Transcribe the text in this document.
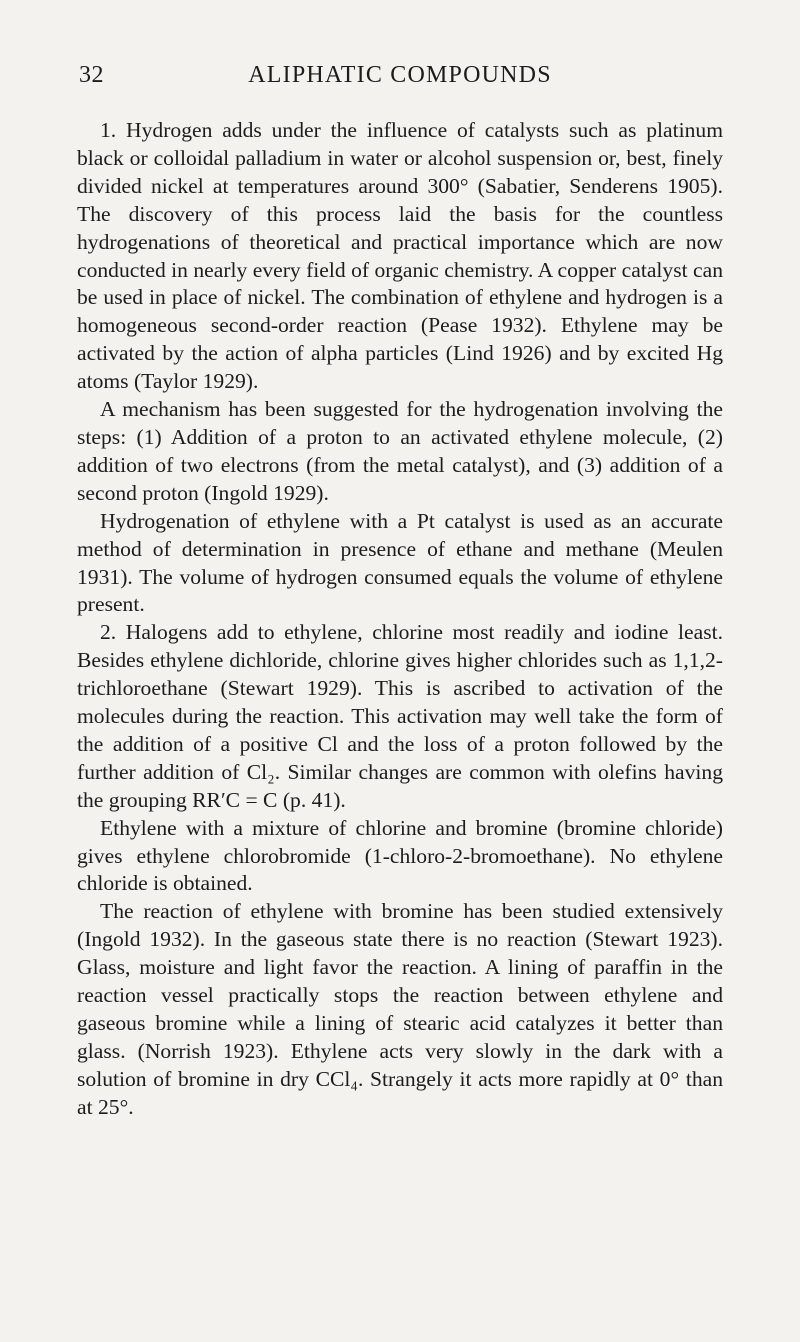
32	ALIPHATIC COMPOUNDS

1. Hydrogen adds under the influence of catalysts such as platinum black or colloidal palladium in water or alcohol suspension or, best, finely divided nickel at temperatures around 300° (Sabatier, Senderens 1905). The discovery of this process laid the basis for the countless hydrogenations of theoretical and practical importance which are now conducted in nearly every field of organic chemistry. A copper catalyst can be used in place of nickel. The combination of ethylene and hydrogen is a homogeneous second-order reaction (Pease 1932). Ethylene may be activated by the action of alpha particles (Lind 1926) and by excited Hg atoms (Taylor 1929).

A mechanism has been suggested for the hydrogenation involving the steps: (1) Addition of a proton to an activated ethylene molecule, (2) addition of two electrons (from the metal catalyst), and (3) addition of a second proton (Ingold 1929).

Hydrogenation of ethylene with a Pt catalyst is used as an accurate method of determination in presence of ethane and methane (Meulen 1931). The volume of hydrogen consumed equals the volume of ethylene present.

2. Halogens add to ethylene, chlorine most readily and iodine least. Besides ethylene dichloride, chlorine gives higher chlorides such as 1,1,2-trichloroethane (Stewart 1929). This is ascribed to activation of the molecules during the reaction. This activation may well take the form of the addition of a positive Cl and the loss of a proton followed by the further addition of Cl₂. Similar changes are common with olefins having the grouping RR′C = C (p. 41).

Ethylene with a mixture of chlorine and bromine (bromine chloride) gives ethylene chlorobromide (1-chloro-2-bromoethane). No ethylene chloride is obtained.

The reaction of ethylene with bromine has been studied extensively (Ingold 1932). In the gaseous state there is no reaction (Stewart 1923). Glass, moisture and light favor the reaction. A lining of paraffin in the reaction vessel practically stops the reaction between ethylene and gaseous bromine while a lining of stearic acid catalyzes it better than glass. (Norrish 1923). Ethylene acts very slowly in the dark with a solution of bromine in dry CCl₄. Strangely it acts more rapidly at 0° than at 25°.
